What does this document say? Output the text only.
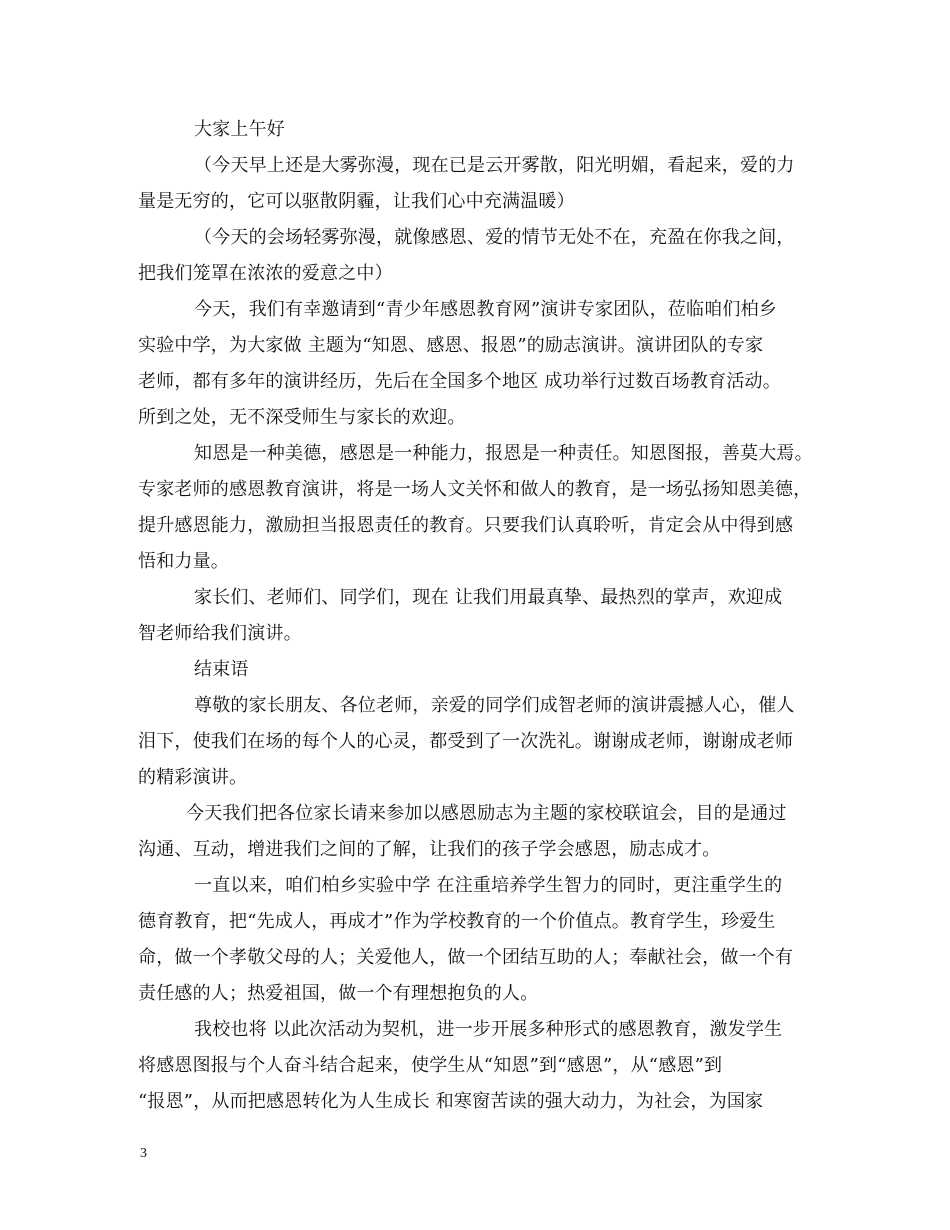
大家上午好

（今天早上还是大雾弥漫，现在已是云开雾散，阳光明媚，看起来，爱的力
量是无穷的，它可以驱散阴霾，让我们心中充满温暖）

（今天的会场轻雾弥漫，就像感恩、爱的情节无处不在，充盈在你我之间，
把我们笼罩在浓浓的爱意之中）

今天，我们有幸邀请到“青少年感恩教育网”演讲专家团队，莅临咱们柏乡
实验中学，为大家做 主题为“知恩、感恩、报恩”的励志演讲。演讲团队的专家
老师，都有多年的演讲经历，先后在全国多个地区 成功举行过数百场教育活动。
所到之处，无不深受师生与家长的欢迎。

知恩是一种美德，感恩是一种能力，报恩是一种责任。知恩图报，善莫大焉。
专家老师的感恩教育演讲，将是一场人文关怀和做人的教育，是一场弘扬知恩美德，
提升感恩能力，激励担当报恩责任的教育。只要我们认真聆听，肯定会从中得到感
悟和力量。

家长们、老师们、同学们，现在 让我们用最真挚、最热烈的掌声，欢迎成
智老师给我们演讲。

结束语

尊敬的家长朋友、各位老师，亲爱的同学们成智老师的演讲震撼人心，催人
泪下，使我们在场的每个人的心灵，都受到了一次洗礼。谢谢成老师，谢谢成老师
的精彩演讲。

今天我们把各位家长请来参加以感恩励志为主题的家校联谊会，目的是通过
沟通、互动，增进我们之间的了解，让我们的孩子学会感恩，励志成才。

一直以来，咱们柏乡实验中学 在注重培养学生智力的同时，更注重学生的
德育教育，把“先成人，再成才”作为学校教育的一个价值点。教育学生，珍爱生
命，做一个孝敬父母的人；关爱他人，做一个团结互助的人；奉献社会，做一个有
责任感的人；热爱祖国，做一个有理想抱负的人。

我校也将 以此次活动为契机，进一步开展多种形式的感恩教育，激发学生
将感恩图报与个人奋斗结合起来，使学生从“知恩”到“感恩”，从“感恩”到
“报恩”，从而把感恩转化为人生成长 和寒窗苦读的强大动力，为社会，为国家

3
